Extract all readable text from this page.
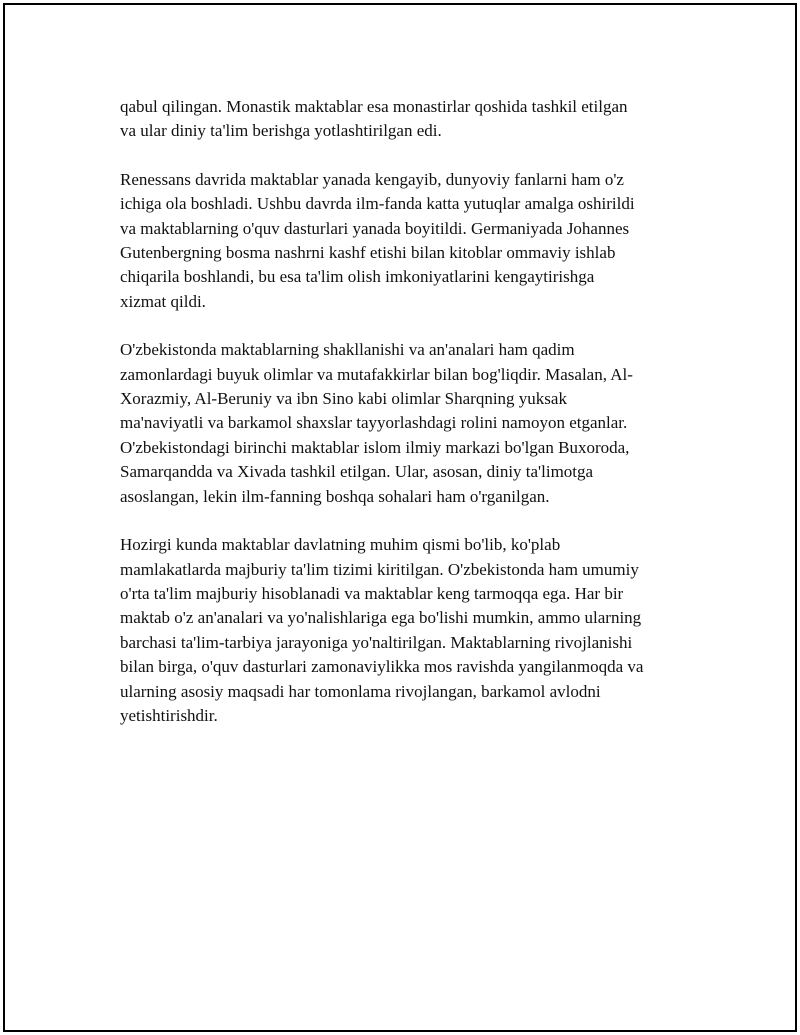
qabul qilingan. Monastik maktablar esa monastirlar qoshida tashkil etilgan
va ular diniy ta'lim berishga yotlashtirilgan edi.

Renessans davrida maktablar yanada kengayib, dunyoviy fanlarni ham o'z
ichiga ola boshladi. Ushbu davrda ilm-fanda katta yutuqlar amalga oshirildi
va maktablarning o'quv dasturlari yanada boyitildi. Germaniyada Johannes
Gutenbergning bosma nashrni kashf etishi bilan kitoblar ommaviy ishlab
chiqarila boshlandi, bu esa ta'lim olish imkoniyatlarini kengaytirishga
xizmat qildi.

O'zbekistonda maktablarning shakllanishi va an'analari ham qadim
zamonlardagi buyuk olimlar va mutafakkirlar bilan bog'liqdir. Masalan, Al-
Xorazmiy, Al-Beruniy va ibn Sino kabi olimlar Sharqning yuksak
ma'naviyatli va barkamol shaxslar tayyorlashdagi rolini namoyon etganlar.
O'zbekistondagi birinchi maktablar islom ilmiy markazi bo'lgan Buxoroda,
Samarqandda va Xivada tashkil etilgan. Ular, asosan, diniy ta'limotga
asoslangan, lekin ilm-fanning boshqa sohalari ham o'rganilgan.

Hozirgi kunda maktablar davlatning muhim qismi bo'lib, ko'plab
mamlakatlarda majburiy ta'lim tizimi kiritilgan. O'zbekistonda ham umumiy
o'rta ta'lim majburiy hisoblanadi va maktablar keng tarmoqqa ega. Har bir
maktab o'z an'analari va yo'nalishlariga ega bo'lishi mumkin, ammo ularning
barchasi ta'lim-tarbiya jarayoniga yo'naltirilgan. Maktablarning rivojlanishi
bilan birga, o'quv dasturlari zamonaviylikka mos ravishda yangilanmoqda va
ularning asosiy maqsadi har tomonlama rivojlangan, barkamol avlodni
yetishtirishdir.
